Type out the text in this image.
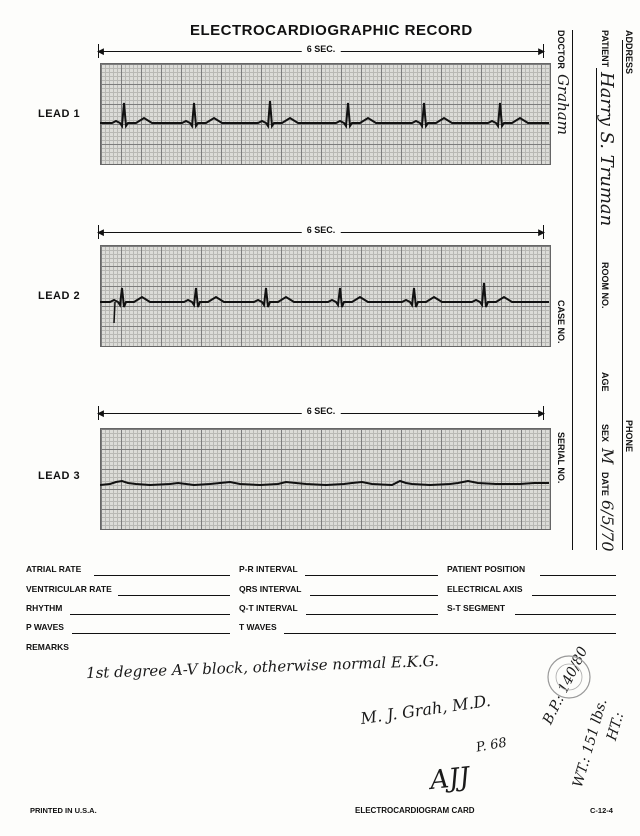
ELECTROCARDIOGRAPHIC RECORD
◀	▶
6 SEC.
LEAD 1
◀	▶
6 SEC.
LEAD 2
◀	▶
6 SEC.
LEAD 3
DOCTOR
Graham
CASE NO.
SERIAL NO.
PATIENT
Harry S. Truman
ROOM NO.
AGE
SEX
M
DATE
6/5/70
ADDRESS
PHONE
ATRIAL RATE
VENTRICULAR RATE
RHYTHM
P WAVES
P-R INTERVAL
QRS INTERVAL
Q-T INTERVAL
T WAVES
PATIENT POSITION
ELECTRICAL AXIS
S-T SEGMENT
REMARKS
1st degree A-V block, otherwise normal E.K.G.
M. J. Grah, M.D.
P. 68
B.P.: 140/80
WT.: 151 lbs.
HT.:
AJJ
PRINTED IN U.S.A.	ELECTROCARDIOGRAM CARD	C-12-4
